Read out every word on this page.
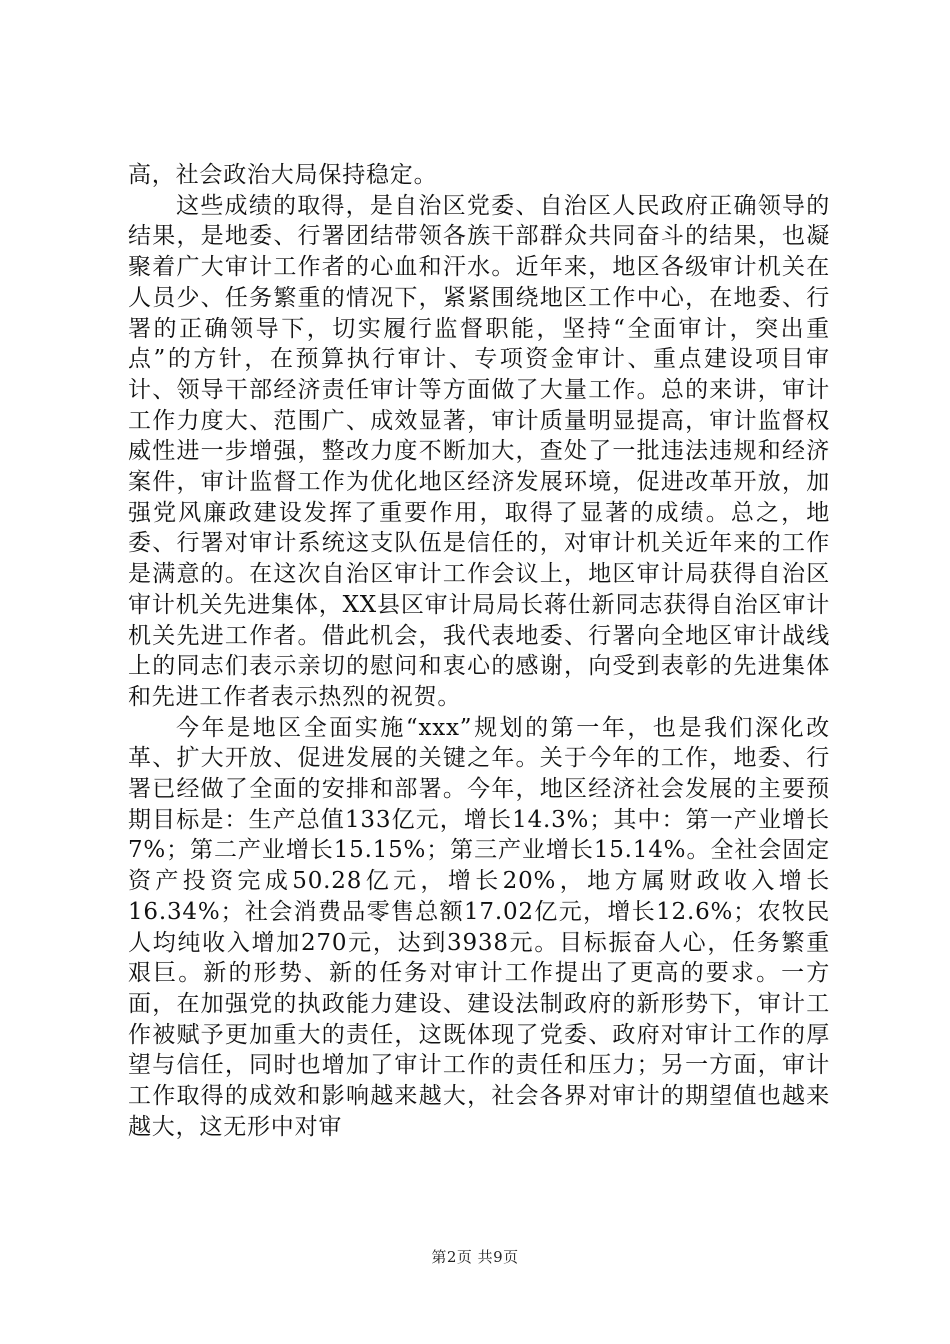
高，社会政治大局保持稳定。

这些成绩的取得，是自治区党委、自治区人民政府正确领导的结果，是地委、行署团结带领各族干部群众共同奋斗的结果，也凝聚着广大审计工作者的心血和汗水。近年来，地区各级审计机关在人员少、任务繁重的情况下，紧紧围绕地区工作中心，在地委、行署的正确领导下，切实履行监督职能，坚持“全面审计，突出重点”的方针，在预算执行审计、专项资金审计、重点建设项目审计、领导干部经济责任审计等方面做了大量工作。总的来讲，审计工作力度大、范围广、成效显著，审计质量明显提高，审计监督权威性进一步增强，整改力度不断加大，查处了一批违法违规和经济案件，审计监督工作为优化地区经济发展环境，促进改革开放，加强党风廉政建设发挥了重要作用，取得了显著的成绩。总之，地委、行署对审计系统这支队伍是信任的，对审计机关近年来的工作是满意的。在这次自治区审计工作会议上，地区审计局获得自治区审计机关先进集体，XX县区审计局局长蒋仕新同志获得自治区审计机关先进工作者。借此机会，我代表地委、行署向全地区审计战线上的同志们表示亲切的慰问和衷心的感谢，向受到表彰的先进集体和先进工作者表示热烈的祝贺。

今年是地区全面实施“xxx”规划的第一年，也是我们深化改革、扩大开放、促进发展的关键之年。关于今年的工作，地委、行署已经做了全面的安排和部署。今年，地区经济社会发展的主要预期目标是：生产总值133亿元，增长14.3%；其中：第一产业增长7%；第二产业增长15.15%；第三产业增长15.14%。全社会固定资产投资完成50.28亿元，增长20%，地方属财政收入增长16.34%；社会消费品零售总额17.02亿元，增长12.6%；农牧民人均纯收入增加270元，达到3938元。目标振奋人心，任务繁重艰巨。新的形势、新的任务对审计工作提出了更高的要求。一方面，在加强党的执政能力建设、建设法制政府的新形势下，审计工作被赋予更加重大的责任，这既体现了党委、政府对审计工作的厚望与信任，同时也增加了审计工作的责任和压力；另一方面，审计工作取得的成效和影响越来越大，社会各界对审计的期望值也越来越大，这无形中对审

第2页 共9页
